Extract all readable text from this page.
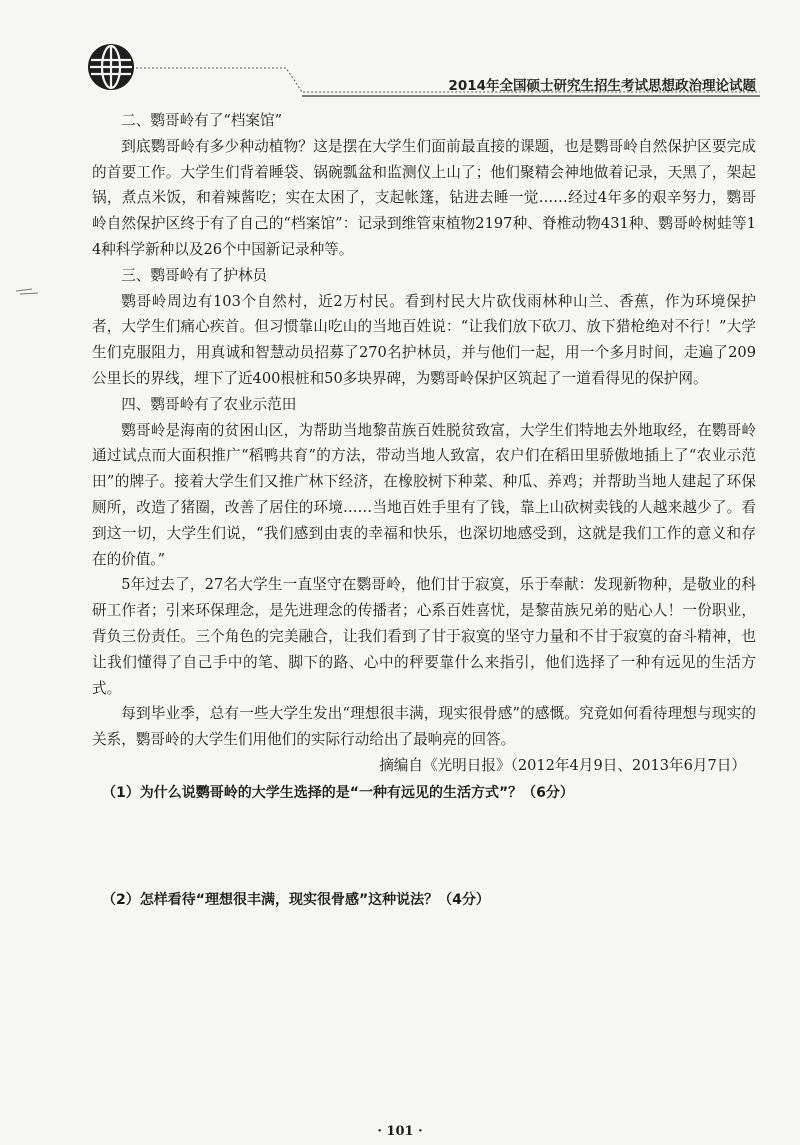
2014年全国硕士研究生招生考试思想政治理论试题
二、鹦哥岭有了“档案馆”

到底鹦哥岭有多少种动植物？这是摆在大学生们面前最直接的课题，也是鹦哥岭自然保护区要完成的首要工作。大学生们背着睡袋、锅碗瓢盆和监测仪上山了；他们聚精会神地做着记录，天黑了，架起锅，煮点米饭，和着辣酱吃；实在太困了，支起帐篷，钻进去睡一觉……经过4年多的艰辛努力，鹦哥岭自然保护区终于有了自己的“档案馆”：记录到维管束植物2197种、脊椎动物431种、鹦哥岭树蛙等14种科学新种以及26个中国新记录种等。

三、鹦哥岭有了护林员

鹦哥岭周边有103个自然村，近2万村民。看到村民大片砍伐雨林种山兰、香蕉，作为环境保护者，大学生们痛心疾首。但习惯靠山吃山的当地百姓说：“让我们放下砍刀、放下猎枪绝对不行！”大学生们克服阻力，用真诚和智慧动员招募了270名护林员，并与他们一起，用一个多月时间，走遍了209公里长的界线，埋下了近400根桩和50多块界碑，为鹦哥岭保护区筑起了一道看得见的保护网。

四、鹦哥岭有了农业示范田

鹦哥岭是海南的贫困山区，为帮助当地黎苗族百姓脱贫致富，大学生们特地去外地取经，在鹦哥岭通过试点而大面积推广“稻鸭共育”的方法，带动当地人致富，农户们在稻田里骄傲地插上了“农业示范田”的牌子。接着大学生们又推广林下经济，在橡胶树下种菜、种瓜、养鸡；并帮助当地人建起了环保厕所，改造了猪圈，改善了居住的环境……当地百姓手里有了钱，靠上山砍树卖钱的人越来越少了。看到这一切，大学生们说，“我们感到由衷的幸福和快乐，也深切地感受到，这就是我们工作的意义和存在的价值。”

5年过去了，27名大学生一直坚守在鹦哥岭，他们甘于寂寞，乐于奉献：发现新物种，是敬业的科研工作者；引来环保理念，是先进理念的传播者；心系百姓喜忧，是黎苗族兄弟的贴心人！一份职业，背负三份责任。三个角色的完美融合，让我们看到了甘于寂寞的坚守力量和不甘于寂寞的奋斗精神，也让我们懂得了自己手中的笔、脚下的路、心中的秤要靠什么来指引，他们选择了一种有远见的生活方式。

每到毕业季，总有一些大学生发出“理想很丰满，现实很骨感”的感慨。究竟如何看待理想与现实的关系，鹦哥岭的大学生们用他们的实际行动给出了最响亮的回答。

摘编自《光明日报》（2012年4月9日、2013年6月7日）
（1）为什么说鹦哥岭的大学生选择的是“一种有远见的生活方式”？（6分）
（2）怎样看待“理想很丰满，现实很骨感”这种说法？（4分）
· 101 ·
